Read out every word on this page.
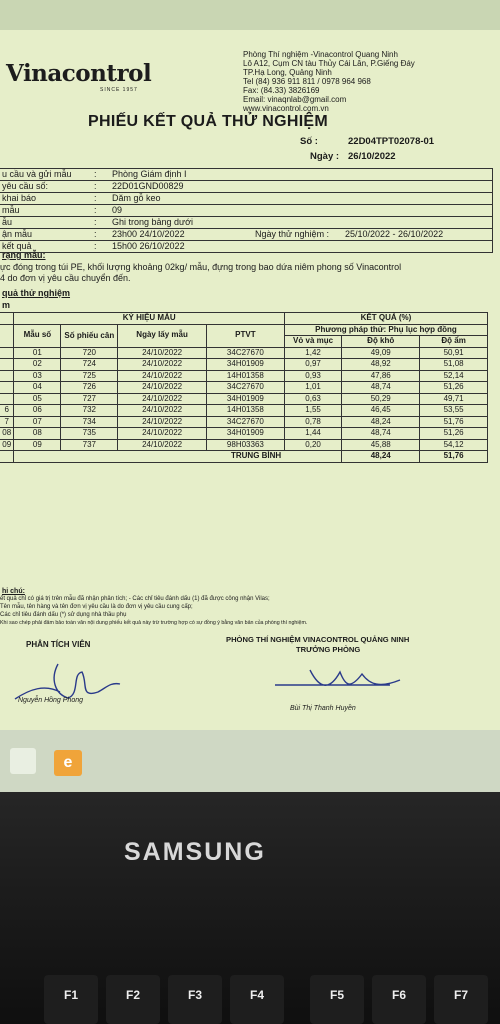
Vinacontrol
SINCE 1957
Phòng Thí nghiệm -Vinacontrol Quang Ninh
Lô A12, Cụm CN tàu Thủy Cái Lân, P.Giếng Đáy
TP.Hạ Long, Quảng Ninh
Tel (84) 936 911 811 / 0978 964 968
Fax: (84.33) 3826169
Email: vinaqnlab@gmail.com
www.vinacontrol.com.vn
PHIẾU KẾT QUẢ THỬ NGHIỆM
Số :	22D04TPT02078-01
Ngày : 26/10/2022
u cầu và gửi mẫu : Phòng Giám định I
yêu cầu số:	: 22D01GND00829
khai báo	: Dăm gỗ keo
mẫu	: 09
ẫu	: Ghi trong bảng dưới
ận mẫu	: 23h00 24/10/2022	Ngày thử nghiệm : 25/10/2022 - 26/10/2022
kết quả	: 15h00 26/10/2022
rạng mẫu:
ực đóng trong túi PE, khối lượng khoảng 02kg/ mẫu, đựng trong bao dứa niêm phong số Vinacontrol
4 do đơn vị yêu cầu chuyển đến.
quả thử nghiệm
m
	KÝ HIỆU MẪU				KẾT QUẢ (%)		
	Mẫu số	Số phiếu cân	Ngày lấy mẫu	PTVT	Phương pháp thử: Phụ lục hợp đồng		
					Vỏ và mục	Độ khô	Độ ẩm
	01	720	24/10/2022	34C27670	1,42	49,09	50,91
	02	724	24/10/2022	34H01909	0,97	48,92	51,08
	03	725	24/10/2022	14H01358	0,93	47,86	52,14
	04	726	24/10/2022	34C27670	1,01	48,74	51,26
	05	727	24/10/2022	34H01909	0,63	50,29	49,71
6	06	732	24/10/2022	14H01358	1,55	46,45	53,55
7	07	734	24/10/2022	34C27670	0,78	48,24	51,76
08	08	735	24/10/2022	34H01909	1,44	48,74	51,26
09	09	737	24/10/2022	98H03363	0,20	45,88	54,12
	TRUNG BÌNH					48,24	51,76
hi chú:
ết quả chỉ có giá trị trên mẫu đã nhận phân tích; - Các chỉ tiêu đánh dấu (1) đã được công nhận Vilas;
Tên mẫu, tên hàng và tên đơn vị yêu cầu là do đơn vị yêu cầu cung cấp;
Các chỉ tiêu đánh dấu (*) sử dụng nhà thầu phụ
Khi sao chép phải đảm bảo toàn văn nội dung phiếu kết quả này trừ trường hợp có sự đồng ý bằng văn bản của phòng thí nghiệm.
PHÂN TÍCH VIÊN
PHÒNG THÍ NGHIỆM VINACONTROL QUẢNG NINH
TRƯỞNG PHÒNG
Nguyễn Hồng Phong
Bùi Thị Thanh Huyền
e
SAMSUNG
F1	F2	F3	F4	F5	F6	F7
